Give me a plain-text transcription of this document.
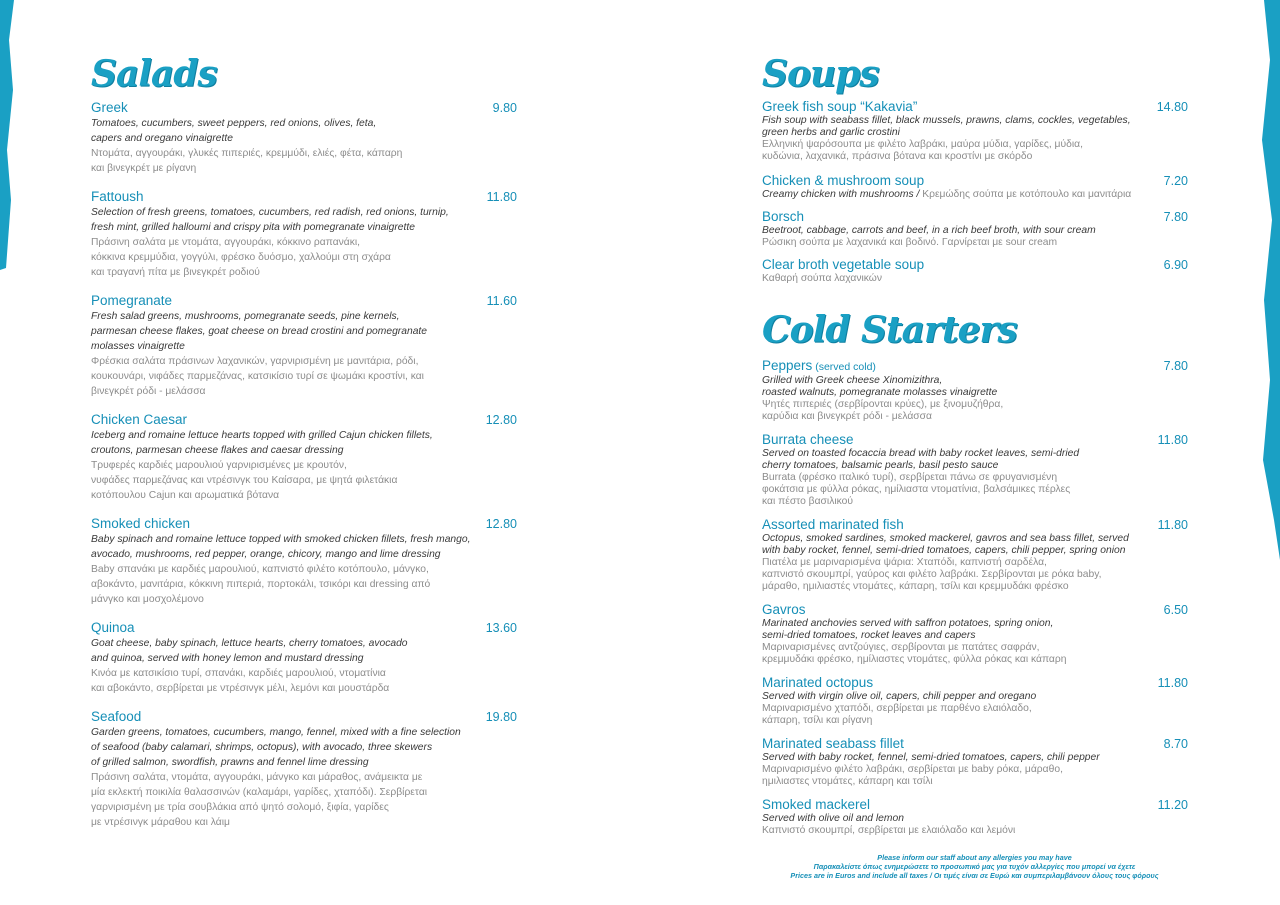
Salads
Greek	9.80
Tomatoes, cucumbers, sweet peppers, red onions, olives, feta,
capers and oregano vinaigrette
Ντομάτα, αγγουράκι, γλυκές πιπεριές, κρεμμύδι, ελιές, φέτα, κάπαρη
και βινεγκρέτ με ρίγανη
Fattoush	11.80
Selection of fresh greens, tomatoes, cucumbers, red radish, red onions, turnip,
fresh mint, grilled halloumi and crispy pita with pomegranate vinaigrette
Πράσινη σαλάτα με ντομάτα, αγγουράκι, κόκκινο ραπανάκι,
κόκκινα κρεμμύδια, γογγύλι, φρέσκο δυόσμο, χαλλούμι στη σχάρα
και τραγανή πίτα με βινεγκρέτ ροδιού
Pomegranate	11.60
Fresh salad greens, mushrooms, pomegranate seeds, pine kernels,
parmesan cheese flakes, goat cheese on bread crostini and pomegranate
molasses vinaigrette
Φρέσκια σαλάτα πράσινων λαχανικών, γαρνιρισμένη με μανιτάρια, ρόδι,
κουκουνάρι, νιφάδες παρμεζάνας, κατσικίσιο τυρί σε ψωμάκι κροστίνι, και
βινεγκρέτ ρόδι - μελάσσα
Chicken Caesar	12.80
Iceberg and romaine lettuce hearts topped with grilled Cajun chicken fillets,
croutons, parmesan cheese flakes and caesar dressing
Τρυφερές καρδιές μαρουλιού γαρνιρισμένες με κρουτόν,
νυφάδες παρμεζάνας και ντρέσινγκ του Καίσαρα, με ψητά φιλετάκια
κοτόπουλου Cajun και αρωματικά βότανα
Smoked chicken	12.80
Baby spinach and romaine lettuce topped with smoked chicken fillets, fresh mango,
avocado, mushrooms, red pepper, orange, chicory, mango and lime dressing
Baby σπανάκι με καρδιές μαρουλιού, καπνιστό φιλέτο κοτόπουλο, μάνγκο,
αβοκάντο, μανιτάρια, κόκκινη πιπεριά, πορτοκάλι, τσικόρι και dressing από
μάνγκο και μοσχολέμονο
Quinoa	13.60
Goat cheese, baby spinach, lettuce hearts, cherry tomatoes, avocado
and quinoa, served with honey lemon and mustard dressing
Κινόα με κατσικίσιο τυρί, σπανάκι, καρδιές μαρουλιού, ντοματίνια
και αβοκάντο, σερβίρεται με ντρέσινγκ μέλι, λεμόνι και μουστάρδα
Seafood	19.80
Garden greens, tomatoes, cucumbers, mango, fennel, mixed with a fine selection
of seafood (baby calamari, shrimps, octopus), with avocado, three skewers
of grilled salmon, swordfish, prawns and fennel lime dressing
Πράσινη σαλάτα, ντομάτα, αγγουράκι, μάνγκο και μάραθος, ανάμεικτα με
μία εκλεκτή ποικιλία θαλασσινών (καλαμάρι, γαρίδες, χταπόδι). Σερβίρεται
γαρνιρισμένη με τρία σουβλάκια από ψητό σολομό, ξιφία, γαρίδες
με ντρέσινγκ μάραθου και λάιμ
Soups
Greek fish soup “Kakavia”	14.80
Fish soup with seabass fillet, black mussels, prawns, clams, cockles, vegetables,
green herbs and garlic crostini
Ελληνική ψαρόσουπα με φιλέτο λαβράκι, μαύρα μύδια, γαρίδες, μύδια,
κυδώνια, λαχανικά, πράσινα βότανα και κροστίνι με σκόρδο
Chicken & mushroom soup	7.20
Creamy chicken with mushrooms / Κρεμώδης σούπα με κοτόπουλο και μανιτάρια
Borsch	7.80
Beetroot, cabbage, carrots and beef, in a rich beef broth, with sour cream
Ρώσικη σούπα με λαχανικά και βοδινό. Γαρνίρεται με sour cream
Clear broth vegetable soup	6.90
Καθαρή σούπα λαχανικών
Cold Starters
Peppers (served cold)	7.80
Grilled with Greek cheese Xinomizithra,
roasted walnuts, pomegranate molasses vinaigrette
Ψητές πιπεριές (σερβίρονται κρύες), με ξινομυζήθρα,
καρύδια και βινεγκρέτ ρόδι - μελάσσα
Burrata cheese	11.80
Served on toasted focaccia bread with baby rocket leaves, semi-dried
cherry tomatoes, balsamic pearls, basil pesto sauce
Burrata (φρέσκο ιταλικό τυρί), σερβίρεται πάνω σε φρυγανισμένη
φοκάτσια με φύλλα ρόκας, ημίλιαστα ντοματίνια, βαλσάμικες πέρλες
και πέστο βασιλικού
Assorted marinated fish	11.80
Octopus, smoked sardines, smoked mackerel, gavros and sea bass fillet, served
with baby rocket, fennel, semi-dried tomatoes, capers, chili pepper, spring onion
Πιατέλα με μαριναρισμένα ψάρια: Χταπόδι, καπνιστή σαρδέλα,
καπνιστό σκουμπρί, γαύρος και φιλέτο λαβράκι. Σερβίρονται με ρόκα baby,
μάραθο, ημιλιαστές ντομάτες, κάπαρη, τσίλι και κρεμμυδάκι φρέσκο
Gavros	6.50
Marinated anchovies served with saffron potatoes, spring onion,
semi-dried tomatoes, rocket leaves and capers
Μαριναρισμένες αντζούγιες, σερβίρονται με πατάτες σαφράν,
κρεμμυδάκι φρέσκο, ημίλιαστες ντομάτες, φύλλα ρόκας και κάπαρη
Marinated octopus	11.80
Served with virgin olive oil, capers, chili pepper and oregano
Μαριναρισμένο χταπόδι, σερβίρεται με παρθένο ελαιόλαδο,
κάπαρη, τσίλι και ρίγανη
Marinated seabass fillet	8.70
Served with baby rocket, fennel, semi-dried tomatoes, capers, chili pepper
Μαριναρισμένο φιλέτο λαβράκι, σερβίρεται με baby ρόκα, μάραθο,
ημιλιαστες ντομάτες, κάπαρη και τσίλι
Smoked mackerel	11.20
Served with olive oil and lemon
Καπνιστό σκουμπρί, σερβίρεται με ελαιόλαδο και λεμόνι
Please inform our staff about any allergies you may have
Παρακαλείστε όπως ενημερώσετε το προσωπικό μας για τυχόν αλλεργίες που μπορεί να έχετε
Prices are in Euros and include all taxes / Οι τιμές είναι σε Ευρώ και συμπεριλαμβάνουν όλους τους φόρους
